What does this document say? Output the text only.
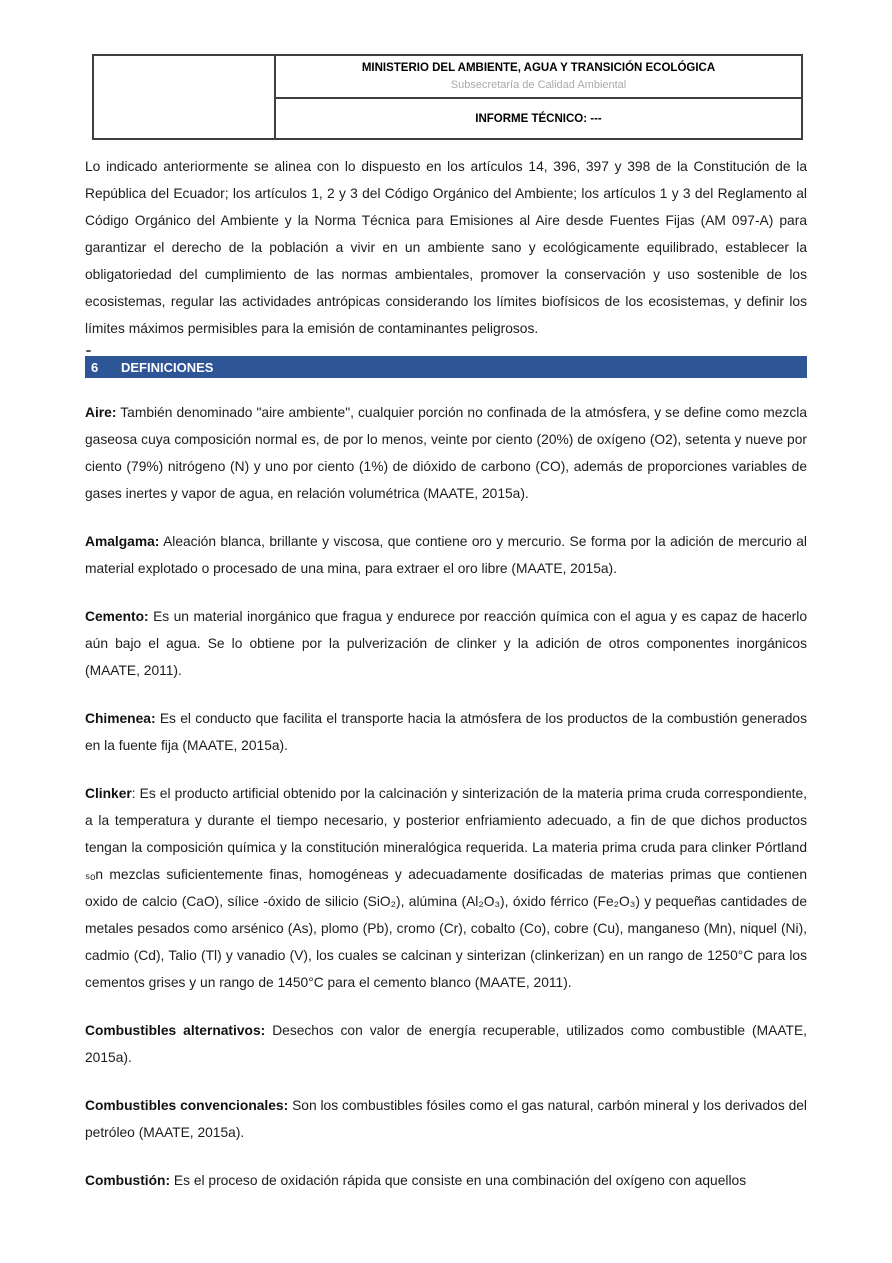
MINISTERIO DEL AMBIENTE, AGUA Y TRANSICIÓN ECOLÓGICA
Subsecretaría de Calidad Ambiental

INFORME TÉCNICO: ---

Lo indicado anteriormente se alinea con lo dispuesto en los artículos 14, 396, 397 y 398 de la Constitución de la República del Ecuador; los artículos 1, 2 y 3 del Código Orgánico del Ambiente; los artículos 1 y 3 del Reglamento al Código Orgánico del Ambiente y la Norma Técnica para Emisiones al Aire desde Fuentes Fijas (AM 097-A) para garantizar el derecho de la población a vivir en un ambiente sano y ecológicamente equilibrado, establecer la obligatoriedad del cumplimiento de las normas ambientales, promover la conservación y uso sostenible de los ecosistemas, regular las actividades antrópicas considerando los límites biofísicos de los ecosistemas, y definir los límites máximos permisibles para la emisión de contaminantes peligrosos.

6	DEFINICIONES

Aire: También denominado "aire ambiente", cualquier porción no confinada de la atmósfera, y se define como mezcla gaseosa cuya composición normal es, de por lo menos, veinte por ciento (20%) de oxígeno (O2), setenta y nueve por ciento (79%) nitrógeno (N) y uno por ciento (1%) de dióxido de carbono (CO), además de proporciones variables de gases inertes y vapor de agua, en relación volumétrica (MAATE, 2015a).

Amalgama: Aleación blanca, brillante y viscosa, que contiene oro y mercurio. Se forma por la adición de mercurio al material explotado o procesado de una mina, para extraer el oro libre (MAATE, 2015a).

Cemento: Es un material inorgánico que fragua y endurece por reacción química con el agua y es capaz de hacerlo aún bajo el agua. Se lo obtiene por la pulverización de clinker y la adición de otros componentes inorgánicos (MAATE, 2011).

Chimenea: Es el conducto que facilita el transporte hacia la atmósfera de los productos de la combustión generados en la fuente fija (MAATE, 2015a).

Clinker: Es el producto artificial obtenido por la calcinación y sinterización de la materia prima cruda correspondiente, a la temperatura y durante el tiempo necesario, y posterior enfriamiento adecuado, a fin de que dichos productos tengan la composición química y la constitución mineralógica requerida. La materia prima cruda para clinker Pórtland ₛₒn mezclas suficientemente finas, homogéneas y adecuadamente dosificadas de materias primas que contienen oxido de calcio (CaO), sílice -óxido de silicio (SiO₂), alúmina (Al₂O₃), óxido férrico (Fe₂O₃) y pequeñas cantidades de metales pesados como arsénico (As), plomo (Pb), cromo (Cr), cobalto (Co), cobre (Cu), manganeso (Mn), niquel (Ni), cadmio (Cd), Talio (Tl) y vanadio (V), los cuales se calcinan y sinterizan (clinkerizan) en un rango de 1250°C para los cementos grises y un rango de 1450°C para el cemento blanco (MAATE, 2011).

Combustibles alternativos: Desechos con valor de energía recuperable, utilizados como combustible (MAATE, 2015a).

Combustibles convencionales: Son los combustibles fósiles como el gas natural, carbón mineral y los derivados del petróleo (MAATE, 2015a).

Combustión: Es el proceso de oxidación rápida que consiste en una combinación del oxígeno con aquellos
